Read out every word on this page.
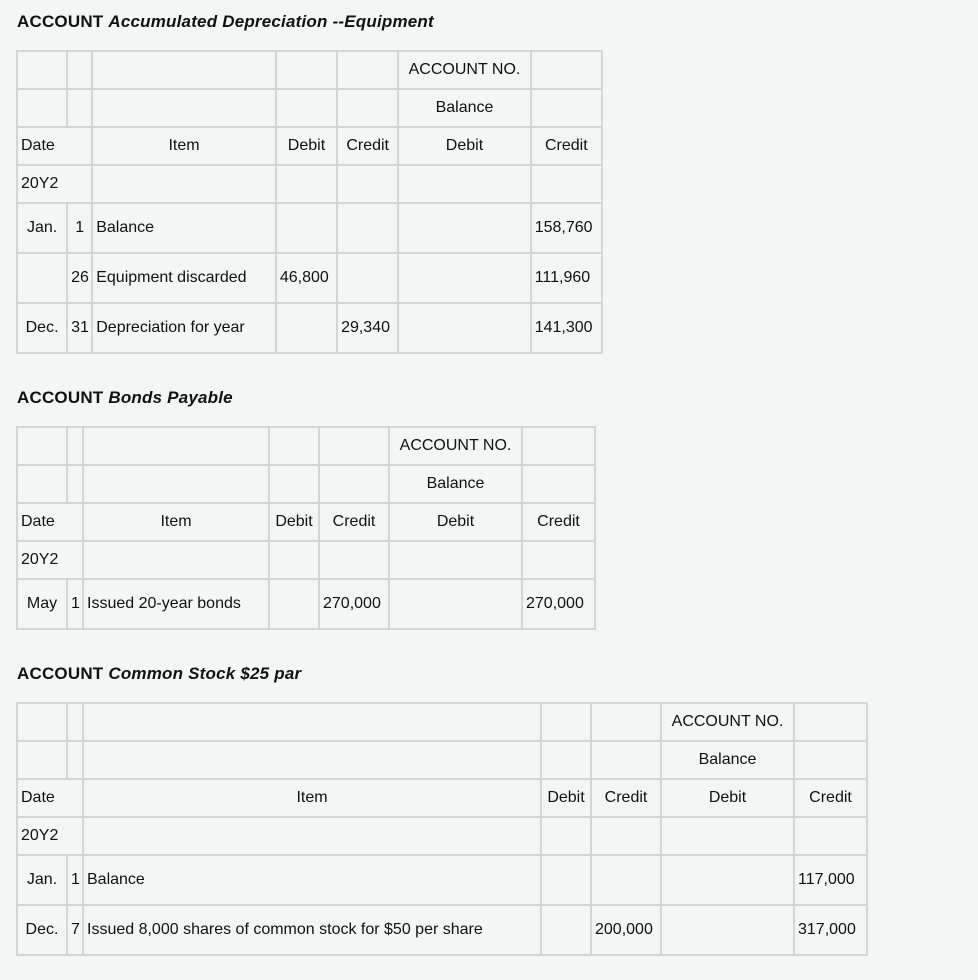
ACCOUNT Accumulated Depreciation --Equipment
					ACCOUNT NO.	
					Balance	
Date		Item	Debit	Credit	Debit	Credit
20Y2						
Jan.	1	Balance				158,760
	26	Equipment discarded	46,800			111,960
Dec.	31	Depreciation for year		29,340		141,300
ACCOUNT Bonds Payable
					ACCOUNT NO.	
					Balance	
Date		Item	Debit	Credit	Debit	Credit
20Y2						
May	1	Issued 20-year bonds		270,000		270,000
ACCOUNT Common Stock $25 par
					ACCOUNT NO.	
					Balance	
Date		Item	Debit	Credit	Debit	Credit
20Y2						
Jan.	1	Balance				117,000
Dec.	7	Issued 8,000 shares of common stock for $50 per share		200,000		317,000
